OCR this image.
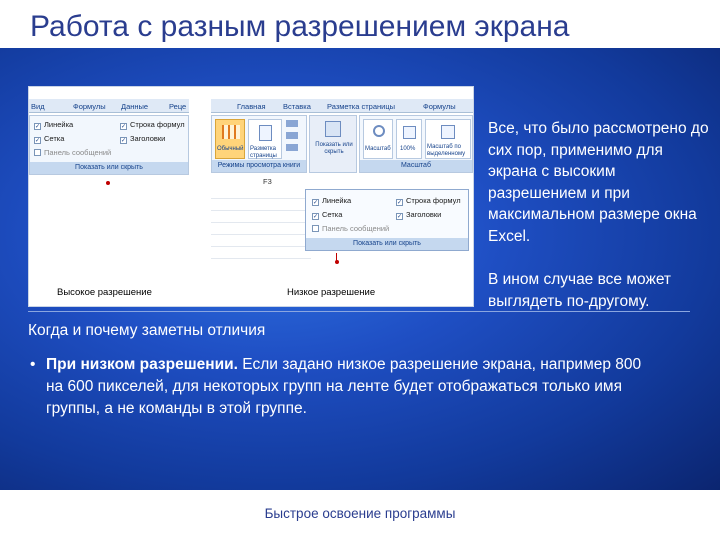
Работа с разным разрешением экрана
Вид	Формулы Данные	Реце
✓ Линейка
✓ Сетка
Панель сообщений
✓ Строка формул
✓ Заголовки
Показать или скрыть
Высокое разрешение
Главная Вставка Разметка страницы	Формулы
Обычный Разметка страницы
Режимы просмотра книги
Показать или скрыть	Масштаб 100% Масштаб по выделенному
Масштаб
F3
✓ Линейка
✓ Сетка
Панель сообщений
✓ Строка формул
✓ Заголовки
Показать или скрыть
Низкое разрешение

Все, что было рассмотрено до сих пор, применимо для экрана с высоким разрешением и при максимальном размере окна Excel.

В ином случае все может выглядеть по-другому.

Когда и почему заметны отличия
• При низком разрешении. Если задано низкое разрешение экрана, например 800 на 600 пикселей, для некоторых групп на ленте будет отображаться только имя группы, а не команды в этой группе.
Быстрое освоение программы
